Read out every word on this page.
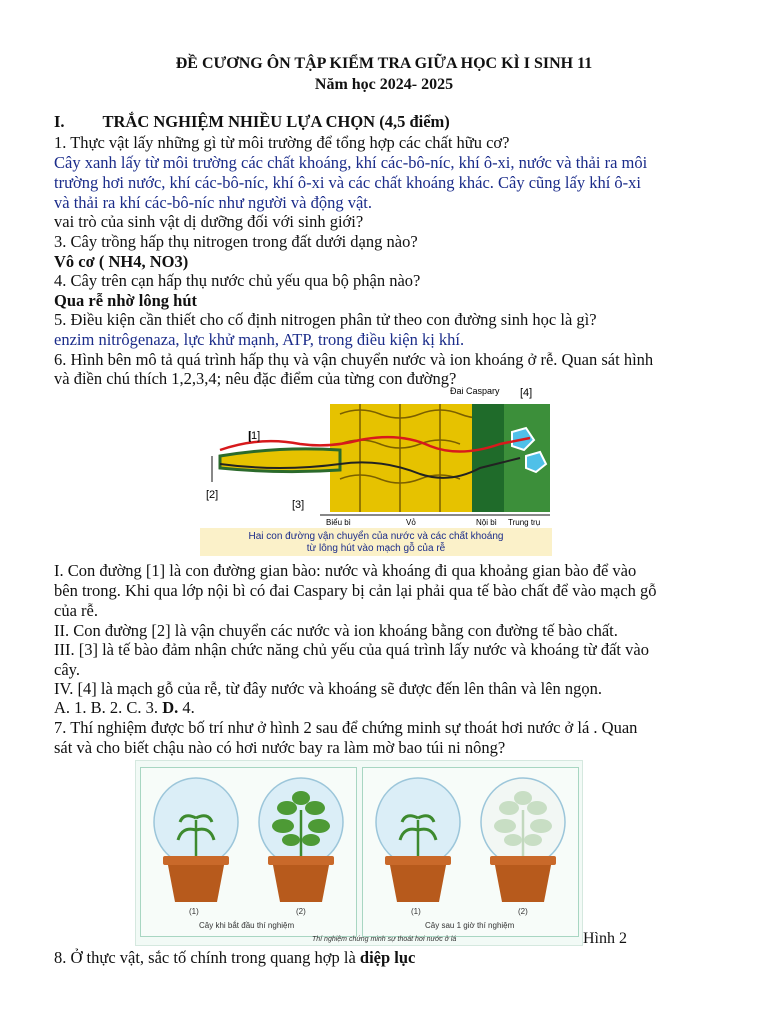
ĐỀ CƯƠNG ÔN TẬP KIỂM TRA GIỮA HỌC KÌ I SINH 11
Năm học 2024- 2025
I. TRẮC NGHIỆM NHIỀU LỰA CHỌN (4,5 điểm)
1. Thực vật lấy những gì từ môi trường để tổng hợp các chất hữu cơ?
Cây xanh lấy từ môi trường các chất khoáng, khí các-bô-níc, khí ô-xi, nước và thải ra môi
trường hơi nước, khí các-bô-níc, khí ô-xi và các chất khoáng khác. Cây cũng lấy khí ô-xi
và thải ra khí các-bô-níc như người và động vật.
vai trò của sinh vật dị dưỡng đối với sinh giới?
3. Cây trồng hấp thụ nitrogen trong đất dưới dạng nào?
Vô cơ ( NH4, NO3)
4. Cây trên cạn hấp thụ nước chủ yếu qua bộ phận nào?
Qua rễ nhờ lông hút
5. Điều kiện cần thiết cho cố định nitrogen phân tử theo con đường sinh học là gì?
enzim nitrôgenaza, lực khử mạnh, ATP, trong điều kiện kị khí.
6. Hình bên mô tả quá trình hấp thụ và vận chuyển nước và ion khoáng ở rễ. Quan sát hình
và điền chú thích 1,2,3,4; nêu đặc điểm của từng con đường?
[1]
[2]
[3]
Đai Caspary [4]
Biểu bì	Vỏ	Nội bì Trung trụ
Hai con đường vận chuyển của nước và các chất khoáng
từ lông hút vào mạch gỗ của rễ
I. Con đường [1] là con đường gian bào: nước và khoáng đi qua khoảng gian bào để vào
bên trong. Khi qua lớp nội bì có đai Caspary bị cản lại phải qua tế bào chất để vào mạch gỗ
của rễ.
II. Con đường [2] là vận chuyển các nước và ion khoáng bằng con đường tế bào chất.
III. [3] là tế bào đảm nhận chức năng chủ yếu của quá trình lấy nước và khoáng từ đất vào
cây.
IV. [4] là mạch gỗ của rễ, từ đây nước và khoáng sẽ được đến lên thân và lên ngọn.
A. 1. B. 2. C. 3. D. 4.
7. Thí nghiệm được bố trí như ở hình 2 sau để chứng minh sự thoát hơi nước ở lá . Quan
sát và cho biết chậu nào có hơi nước bay ra làm mờ bao túi ni nông?
(1)	(2)
Cây khi bắt đầu thí nghiệm
(1)	(2)
Cây sau 1 giờ thí nghiệm
Thí nghiệm chứng minh sự thoát hơi nước ở lá	Hình 2
8. Ở thực vật, sắc tố chính trong quang hợp là diệp lục
